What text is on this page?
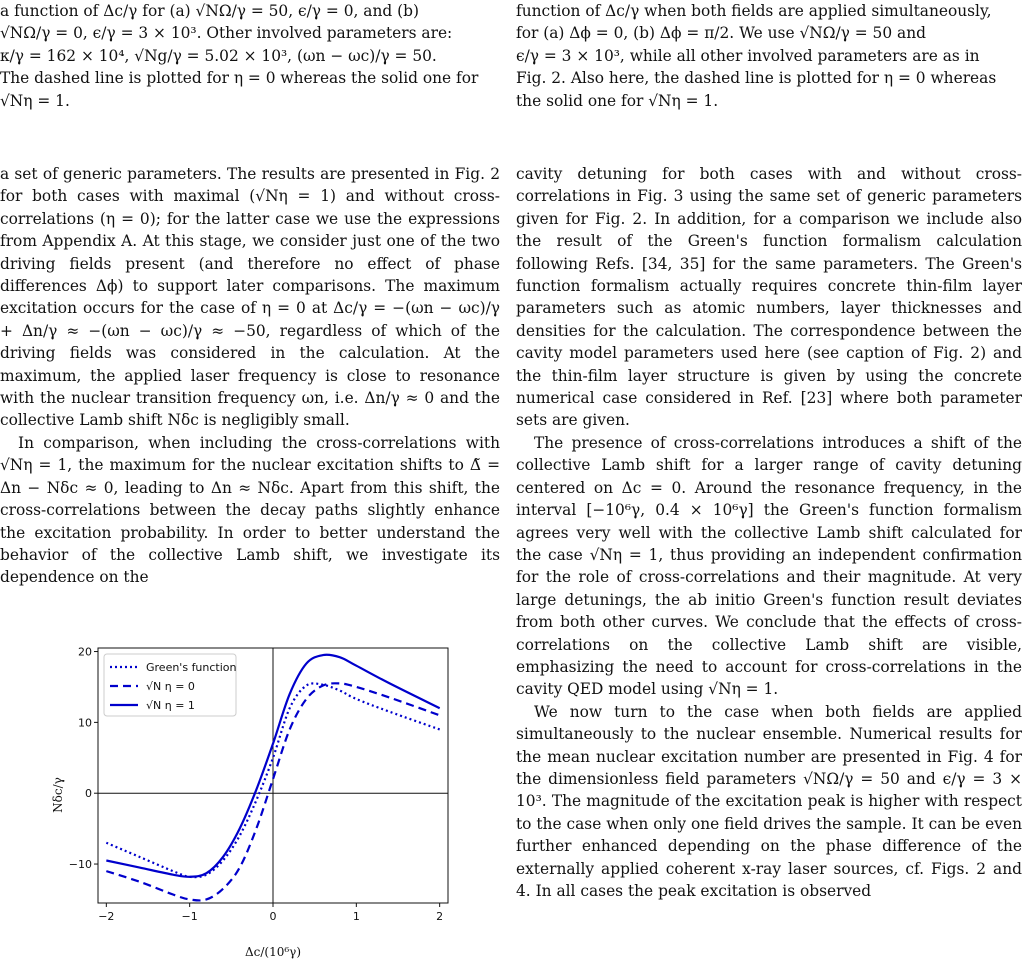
a function of Δc/γ for (a) √NΩ/γ = 50, ϵ/γ = 0, and (b)

√NΩ/γ = 0, ϵ/γ = 3 × 10³. Other involved parameters are:

κ/γ = 162 × 10⁴, √Ng/γ = 5.02 × 10³, (ωn − ωc)/γ = 50.

The dashed line is plotted for η = 0 whereas the solid one for

√Nη = 1.

a set of generic parameters. The results are presented in Fig. 2 for both cases with maximal (√Nη = 1) and without cross-correlations (η = 0); for the latter case we use the expressions from Appendix A. At this stage, we consider just one of the two driving fields present (and therefore no effect of phase differences Δϕ) to support later comparisons. The maximum excitation occurs for the case of η = 0 at Δc/γ = −(ωn − ωc)/γ + Δn/γ ≈ −(ωn − ωc)/γ ≈ −50, regardless of which of the driving fields was considered in the calculation. At the maximum, the applied laser frequency is close to resonance with the nuclear transition frequency ωn, i.e. Δn/γ ≈ 0 and the collective Lamb shift Nδc is negligibly small.

In comparison, when including the cross-correlations with √Nη = 1, the maximum for the nuclear excitation shifts to Δ̃ = Δn − Nδc ≈ 0, leading to Δn ≈ Nδc. Apart from this shift, the cross-correlations between the decay paths slightly enhance the excitation probability. In order to better understand the behavior of the collective Lamb shift, we investigate its dependence on the

−2	−1	0	1	2
−10
0
10
20
Green's function
√N η = 0
√N η = 1
Δc/(10⁶γ)
Nδc/γ

function of Δc/γ when both fields are applied simultaneously,

for (a) Δϕ = 0, (b) Δϕ = π/2. We use √NΩ/γ = 50 and

ϵ/γ = 3 × 10³, while all other involved parameters are as in

Fig. 2. Also here, the dashed line is plotted for η = 0 whereas

the solid one for √Nη = 1.

cavity detuning for both cases with and without cross-correlations in Fig. 3 using the same set of generic parameters given for Fig. 2. In addition, for a comparison we include also the result of the Green's function formalism calculation following Refs. [34, 35] for the same parameters. The Green's function formalism actually requires concrete thin-film layer parameters such as atomic numbers, layer thicknesses and densities for the calculation. The correspondence between the cavity model parameters used here (see caption of Fig. 2) and the thin-film layer structure is given by using the concrete numerical case considered in Ref. [23] where both parameter sets are given.

The presence of cross-correlations introduces a shift of the collective Lamb shift for a larger range of cavity detuning centered on Δc = 0. Around the resonance frequency, in the interval [−10⁶γ, 0.4 × 10⁶γ] the Green's function formalism agrees very well with the collective Lamb shift calculated for the case √Nη = 1, thus providing an independent confirmation for the role of cross-correlations and their magnitude. At very large detunings, the ab initio Green's function result deviates from both other curves. We conclude that the effects of cross-correlations on the collective Lamb shift are visible, emphasizing the need to account for cross-correlations in the cavity QED model using √Nη = 1.

We now turn to the case when both fields are applied simultaneously to the nuclear ensemble. Numerical results for the mean nuclear excitation number are presented in Fig. 4 for the dimensionless field parameters √NΩ/γ = 50 and ϵ/γ = 3 × 10³. The magnitude of the excitation peak is higher with respect to the case when only one field drives the sample. It can be even further enhanced depending on the phase difference of the externally applied coherent x-ray laser sources, cf. Figs. 2 and 4. In all cases the peak excitation is observed
